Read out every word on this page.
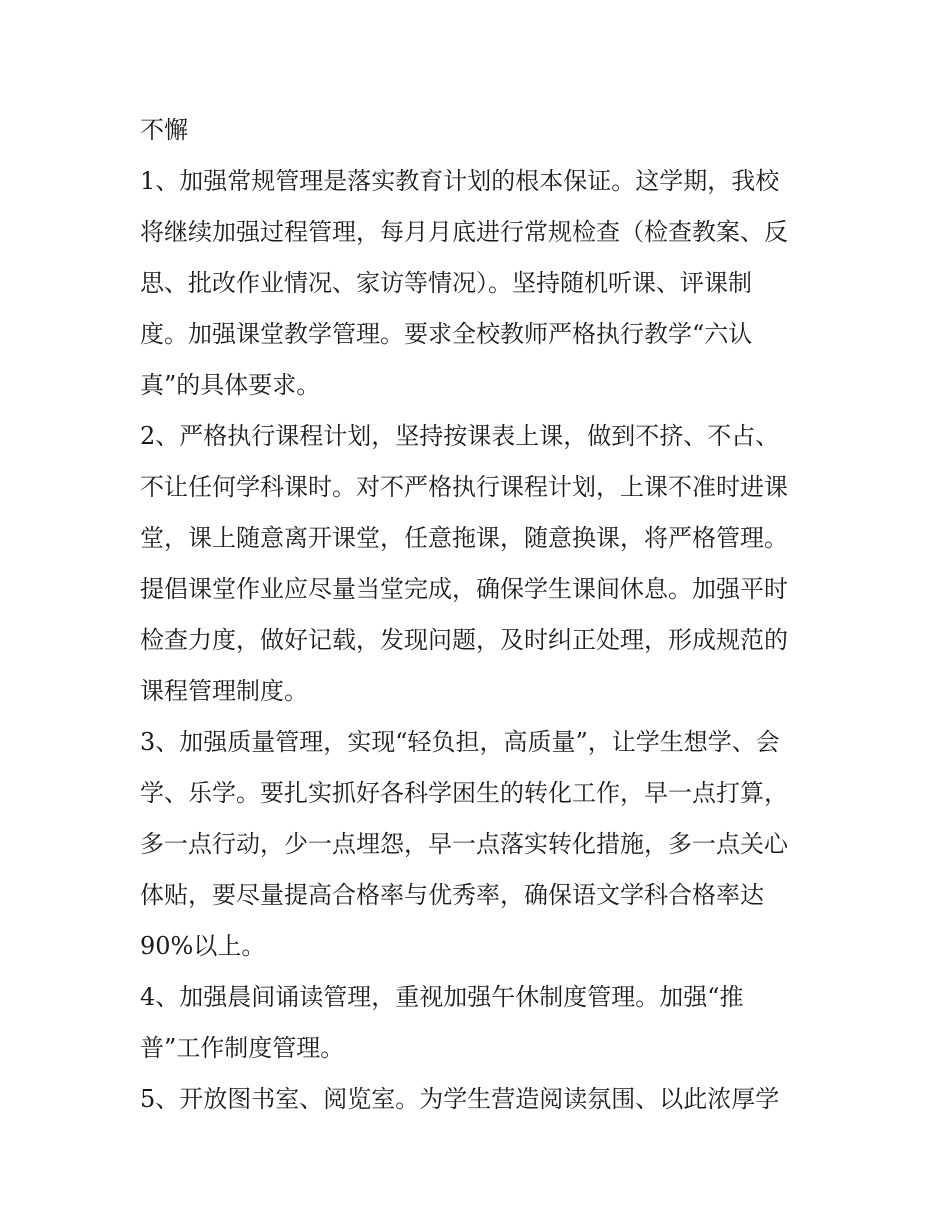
不懈
1、加强常规管理是落实教育计划的根本保证。这学期，我校
将继续加强过程管理，每月月底进行常规检查（检查教案、反
思、批改作业情况、家访等情况）。坚持随机听课、评课制
度。加强课堂教学管理。要求全校教师严格执行教学“六认
真”的具体要求。
2、严格执行课程计划，坚持按课表上课，做到不挤、不占、
不让任何学科课时。对不严格执行课程计划，上课不准时进课
堂，课上随意离开课堂，任意拖课，随意换课，将严格管理。
提倡课堂作业应尽量当堂完成，确保学生课间休息。加强平时
检查力度，做好记载，发现问题，及时纠正处理，形成规范的
课程管理制度。
3、加强质量管理，实现“轻负担，高质量”，让学生想学、会
学、乐学。要扎实抓好各科学困生的转化工作，早一点打算，
多一点行动，少一点埋怨，早一点落实转化措施，多一点关心
体贴，要尽量提高合格率与优秀率，确保语文学科合格率达
90%以上。
4、加强晨间诵读管理，重视加强午休制度管理。加强“推
普”工作制度管理。
5、开放图书室、阅览室。为学生营造阅读氛围、以此浓厚学
